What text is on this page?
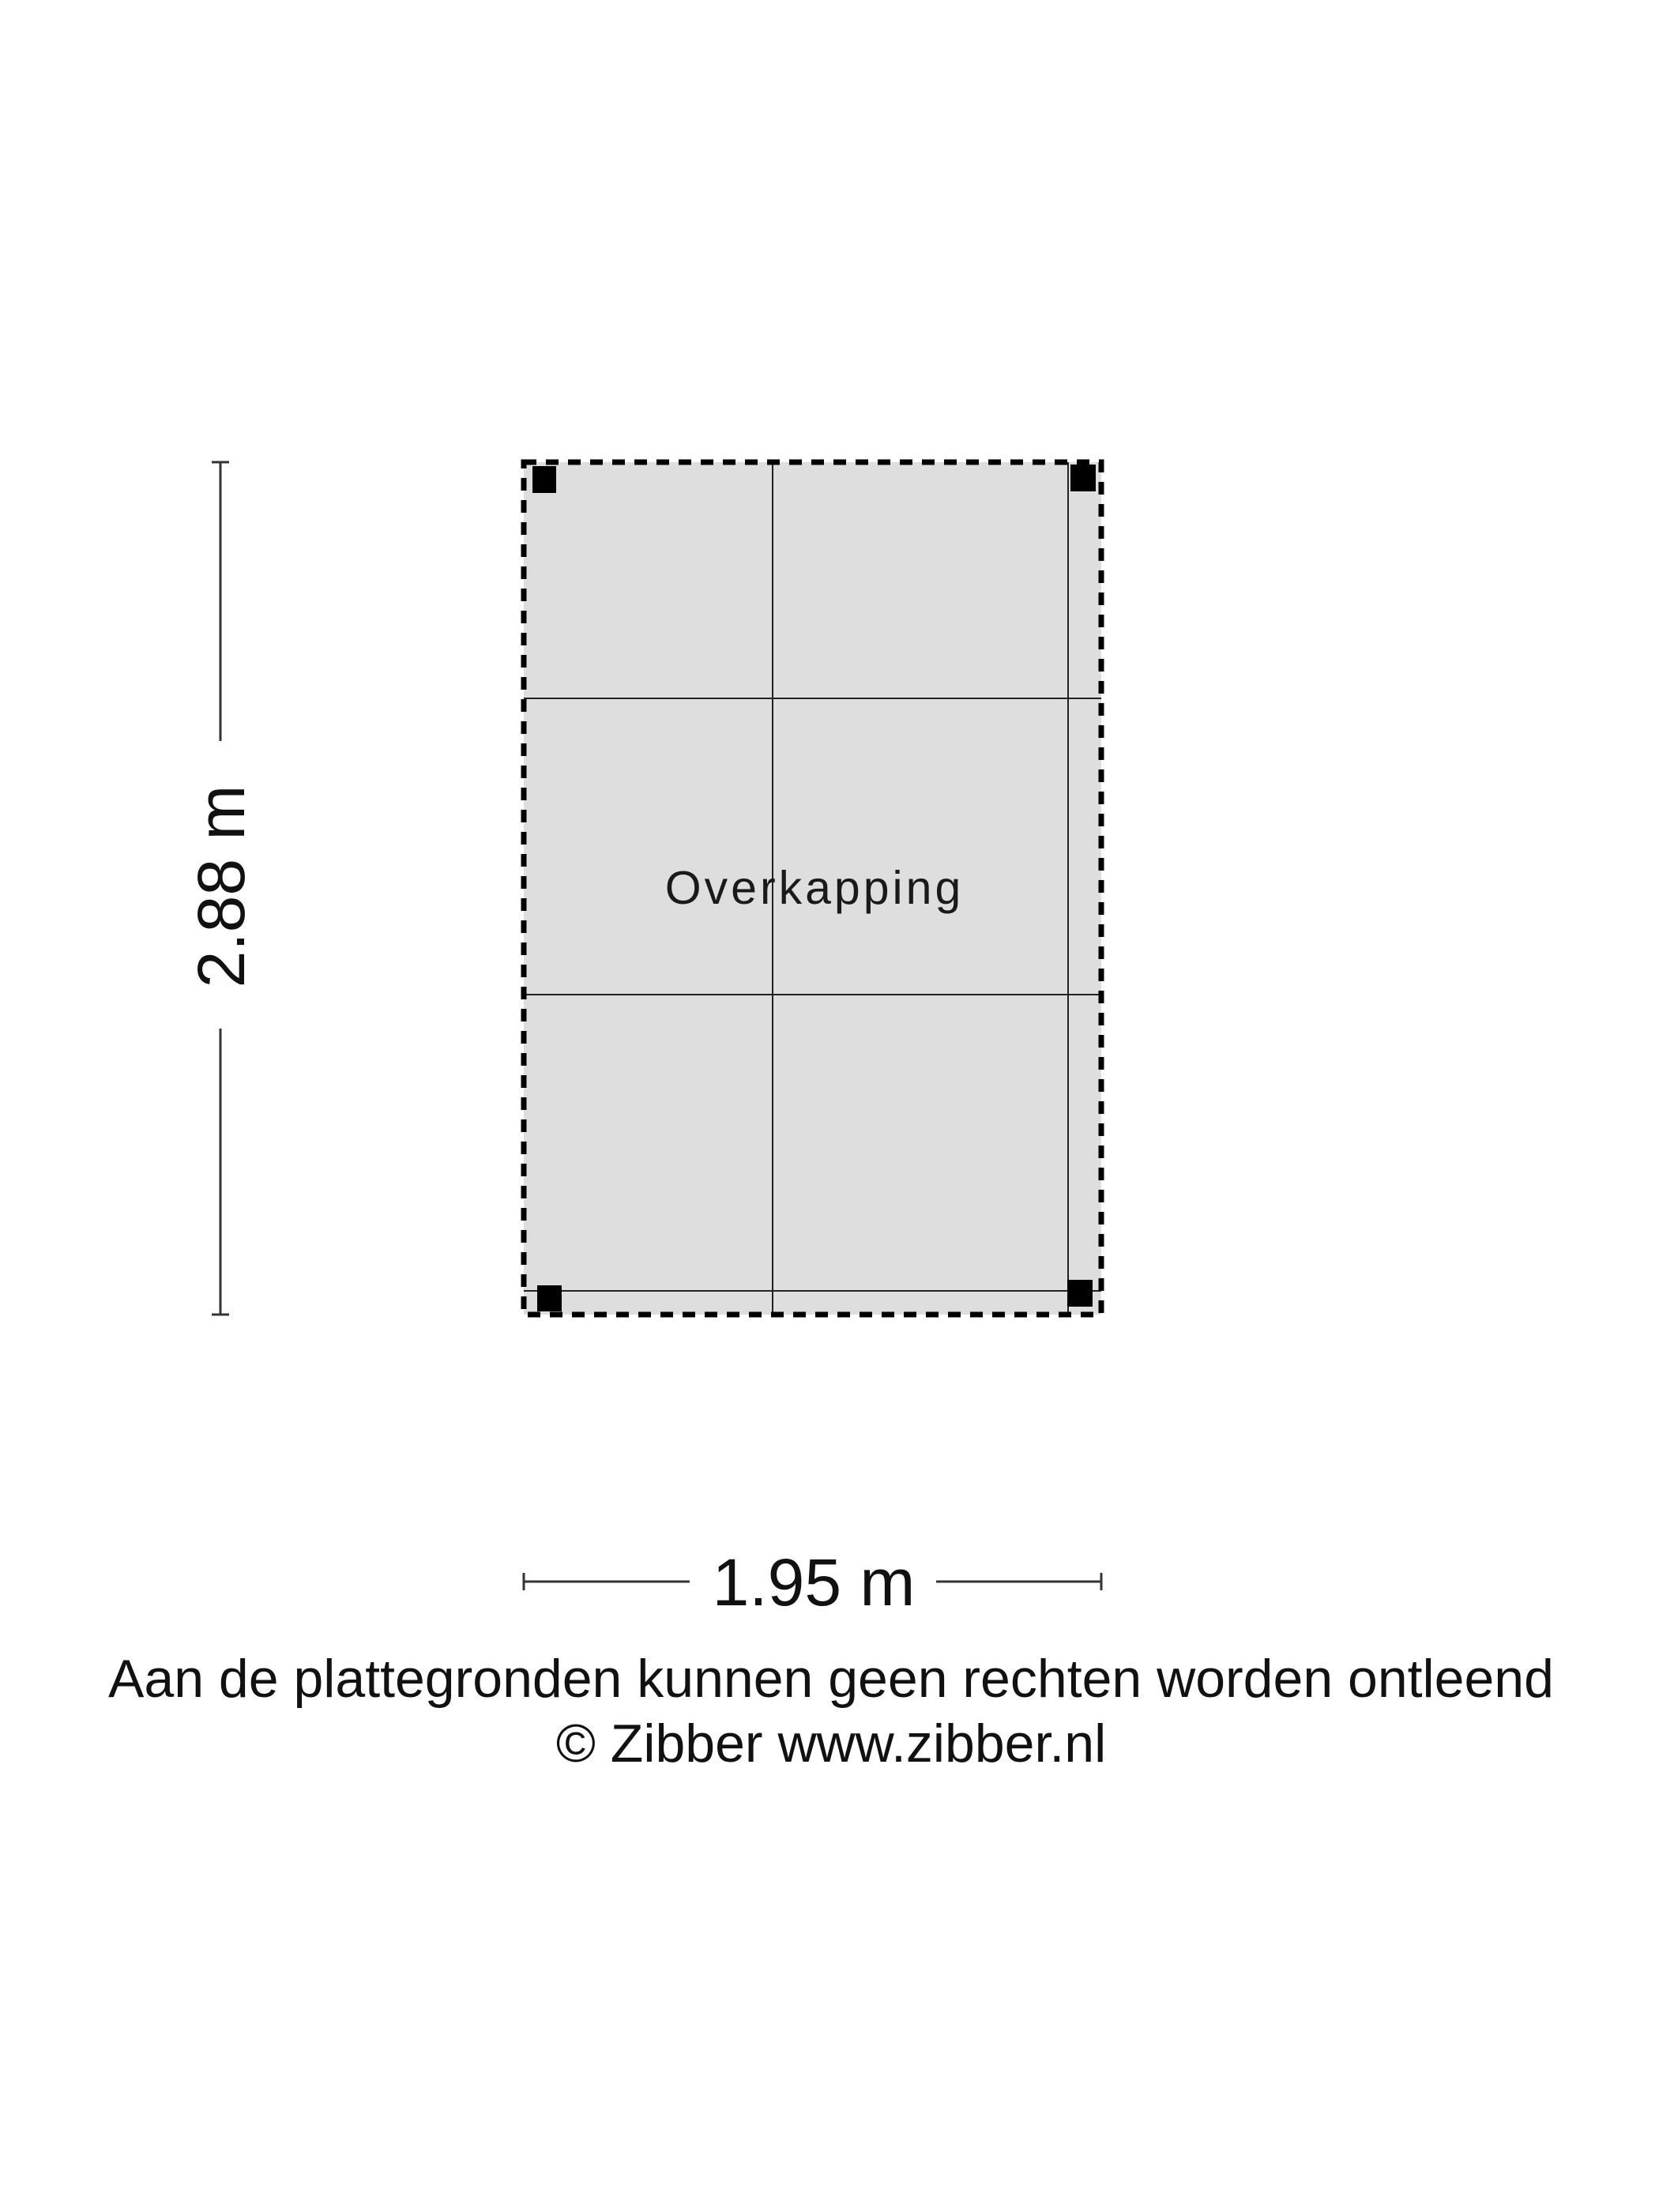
Overkapping
2.88 m
1.95 m
Aan de plattegronden kunnen geen rechten worden ontleend
© Zibber www.zibber.nl
